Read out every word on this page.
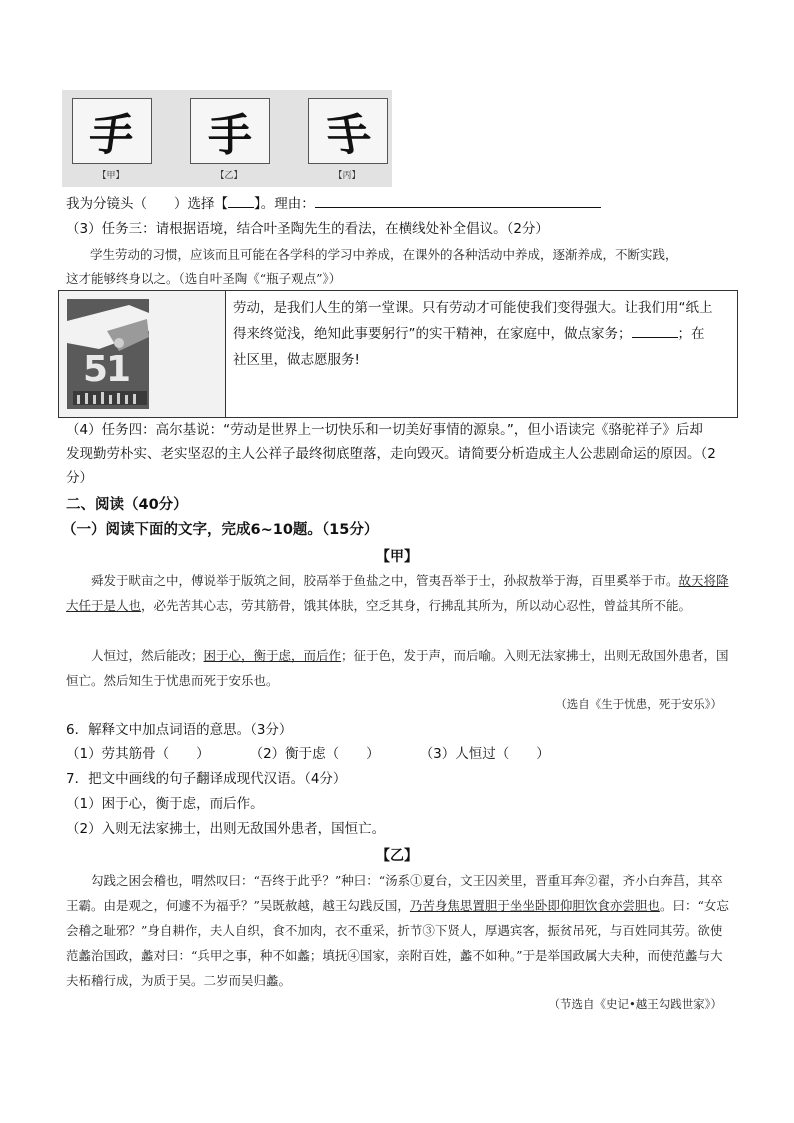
手
【甲】
手
【乙】
手
【丙】
我为分镜头（　　）选择【 】。理由：
（3）任务三：请根据语境，结合叶圣陶先生的看法，在横线处补全倡议。（2分）
学生劳动的习惯，应该而且可能在各学科的学习中养成，在课外的各种活动中养成，逐渐养成，不断实践，
这才能够终身以之。（选自叶圣陶《“瓶子观点”》）
51
劳动，是我们人生的第一堂课。只有劳动才可能使我们变得强大。让我们用“纸上
得来终觉浅，绝知此事要躬行”的实干精神，在家庭中，做点家务；	；在
社区里，做志愿服务!
（4）任务四：高尔基说：“劳动是世界上一切快乐和一切美好事情的源泉。”，但小语读完《骆驼祥子》后却
发现勤劳朴实、老实坚忍的主人公祥子最终彻底堕落，走向毁灭。请简要分析造成主人公悲剧命运的原因。（2
分）
二、阅读（40分）
（一）阅读下面的文字，完成6~10题。（15分）
【甲】
舜发于畎亩之中，傅说举于版筑之间，胶鬲举于鱼盐之中，管夷吾举于士，孙叔敖举于海，百里奚举于市。故天将降大任于是人也，必先苦其心志，劳其筋骨，饿其体肤，空乏其身，行拂乱其所为，所以动心忍性，曾益其所不能。
人恒过，然后能改；困于心，衡于虑，而后作；征于色，发于声，而后喻。入则无法家拂士，出则无敌国外患者，国恒亡。然后知生于忧患而死于安乐也。
（选自《生于忧患，死于安乐》）
6．解释文中加点词语的意思。（3分）
（1）劳其筋骨（　　）	（2）衡于虑（　　）	（3）人恒过（　　）
7．把文中画线的句子翻译成现代汉语。（4分）
（1）困于心，衡于虑，而后作。
（2）入则无法家拂士，出则无敌国外患者，国恒亡。
【乙】
勾践之困会稽也，喟然叹曰：“吾终于此乎？”种曰：“汤系①夏台，文王囚羑里，晋重耳奔②翟，齐小白奔莒，其卒王霸。由是观之，何遽不为福乎？”吴既赦越，越王勾践反国，乃苦身焦思置胆于坐坐卧即仰胆饮食亦尝胆也。曰：“女忘会稽之耻邪？”身自耕作，夫人自织，食不加肉，衣不重采，折节③下贤人，厚遇宾客，振贫吊死，与百姓同其劳。欲使范蠡治国政，蠡对曰：“兵甲之事，种不如蠡；填抚④国家，亲附百姓，蠡不如种。”于是举国政属大夫种，而使范蠡与大夫柘稽行成，为质于吴。二岁而吴归蠡。
（节选自《史记•越王勾践世家》）
